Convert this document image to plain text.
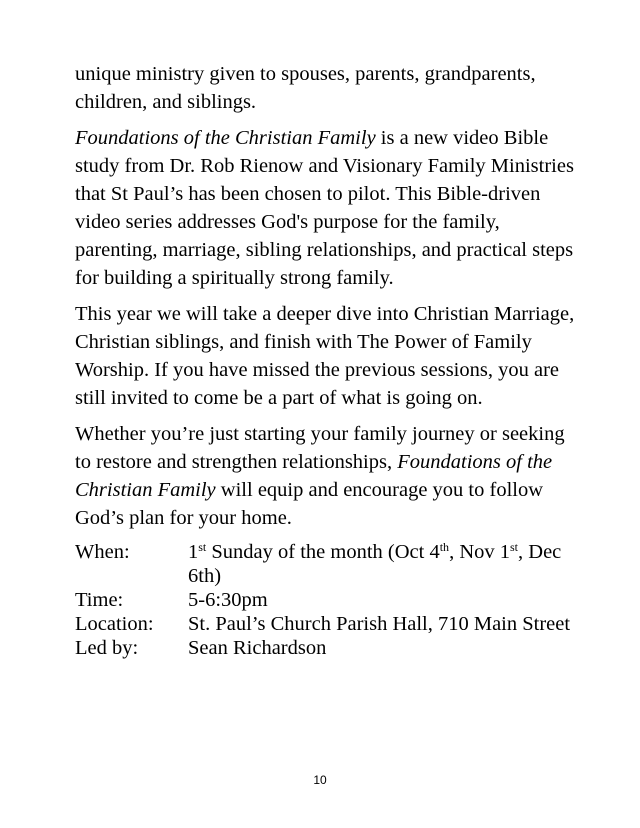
unique ministry given to spouses, parents, grandparents, children, and siblings.

Foundations of the Christian Family is a new video Bible study from Dr. Rob Rienow and Visionary Family Ministries that St Paul’s has been chosen to pilot. This Bible-driven video series addresses God's purpose for the family, parenting, marriage, sibling relationships, and practical steps for building a spiritually strong family.

This year we will take a deeper dive into Christian Marriage, Christian siblings, and finish with The Power of Family Worship. If you have missed the previous sessions, you are still invited to come be a part of what is going on.

Whether you’re just starting your family journey or seeking to restore and strengthen relationships, Foundations of the Christian Family will equip and encourage you to follow God’s plan for your home.

When:	1st Sunday of the month (Oct 4th, Nov 1st, Dec 6th)
Time:	5-6:30pm
Location:	St. Paul’s Church Parish Hall, 710 Main Street
Led by:	Sean Richardson
10
